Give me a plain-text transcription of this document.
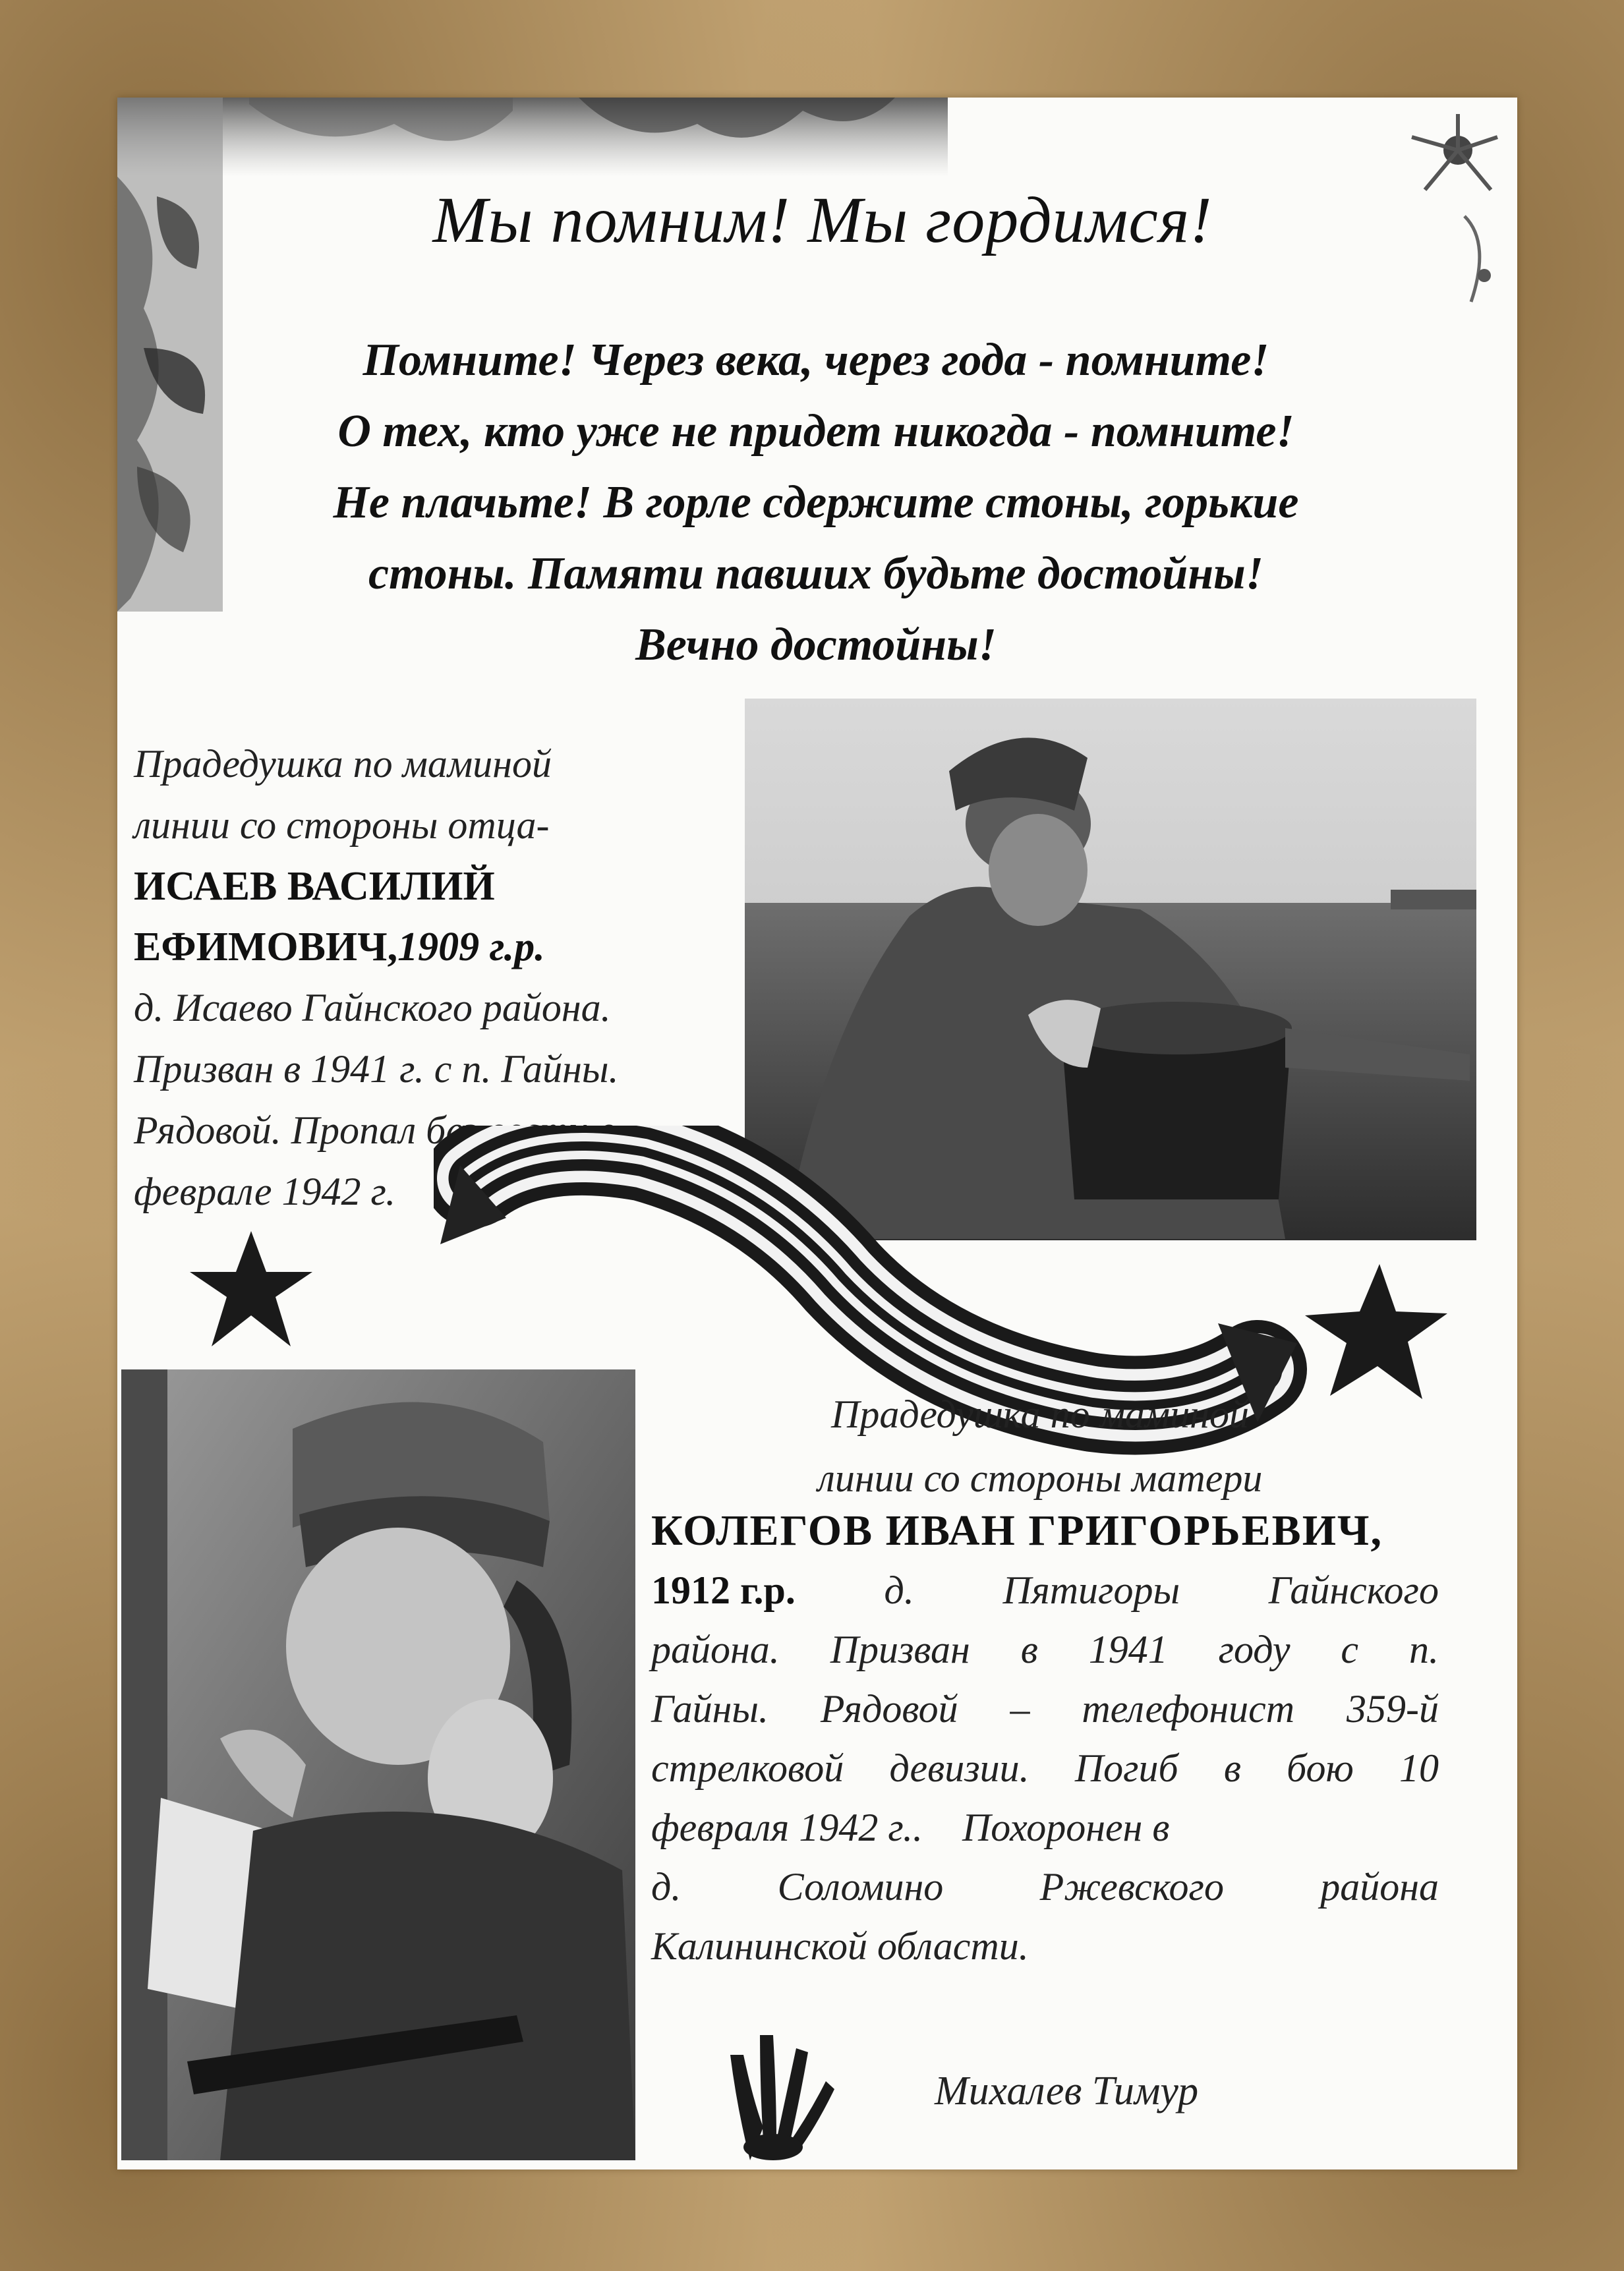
Мы помним! Мы гордимся!
Помните! Через века, через года - помните!
О тех, кто уже не придет никогда - помните!
Не плачьте! В горле сдержите стоны, горькие
стоны. Памяти павших будьте достойны!
Вечно достойны!
Прадедушка по маминой
линии со стороны отца-
ИСАЕВ ВАСИЛИЙ
ЕФИМОВИЧ,1909 г.р.
д. Исаево Гайнского района.
Призван в 1941 г. с п. Гайны.
Рядовой. Пропал без вести в
феврале 1942 г.
Прадедушка по маминой
линии со стороны матери
КОЛЕГОВ ИВАН ГРИГОРЬЕВИЧ,
1912 г.р. д. Пятигоры Гайнского
района. Призван в 1941 году с п.
Гайны. Рядовой – телефонист 359-й
стрелковой девизии. Погиб в бою 10
февраля 1942 г..    Похоронен в
д. Соломино Ржевского района
Калининской области.
Михалев Тимур
